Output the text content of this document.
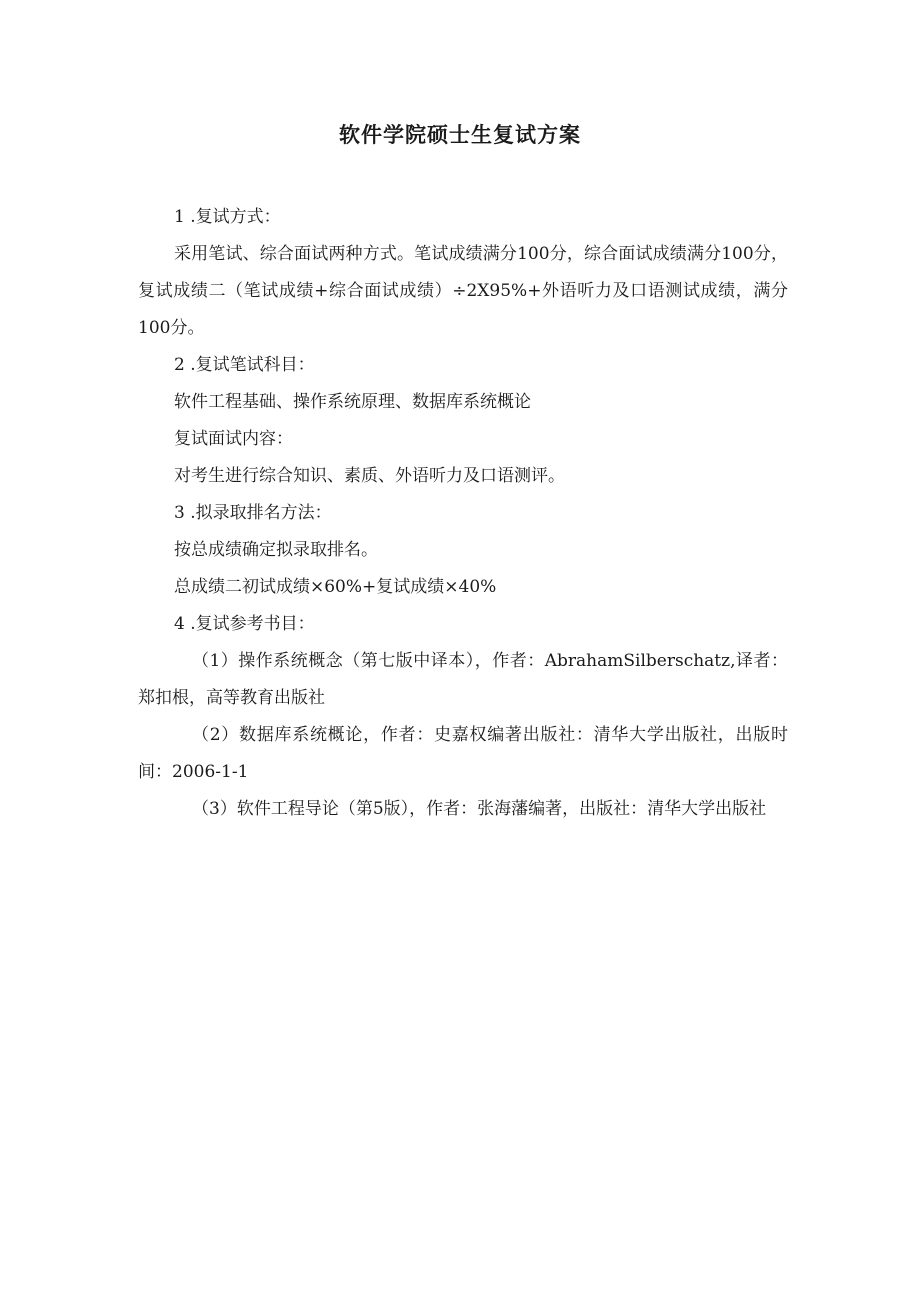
软件学院硕士生复试方案

1 .复试方式：

采用笔试、综合面试两种方式。笔试成绩满分100分，综合面试成绩满分100分，复试成绩二（笔试成绩+综合面试成绩）÷2X95%+外语听力及口语测试成绩，满分100分。

2 .复试笔试科目：

软件工程基础、操作系统原理、数据库系统概论

复试面试内容：

对考生进行综合知识、素质、外语听力及口语测评。

3 .拟录取排名方法：

按总成绩确定拟录取排名。

总成绩二初试成绩×60%+复试成绩×40%

4 .复试参考书目：

（1）操作系统概念（第七版中译本），作者：AbrahamSilberschatz,译者：郑扣根，高等教育出版社

（2）数据库系统概论，作者：史嘉权编著出版社：清华大学出版社，出版时间：2006-1-1

（3）软件工程导论（第5版），作者：张海藩编著，出版社：清华大学出版社
